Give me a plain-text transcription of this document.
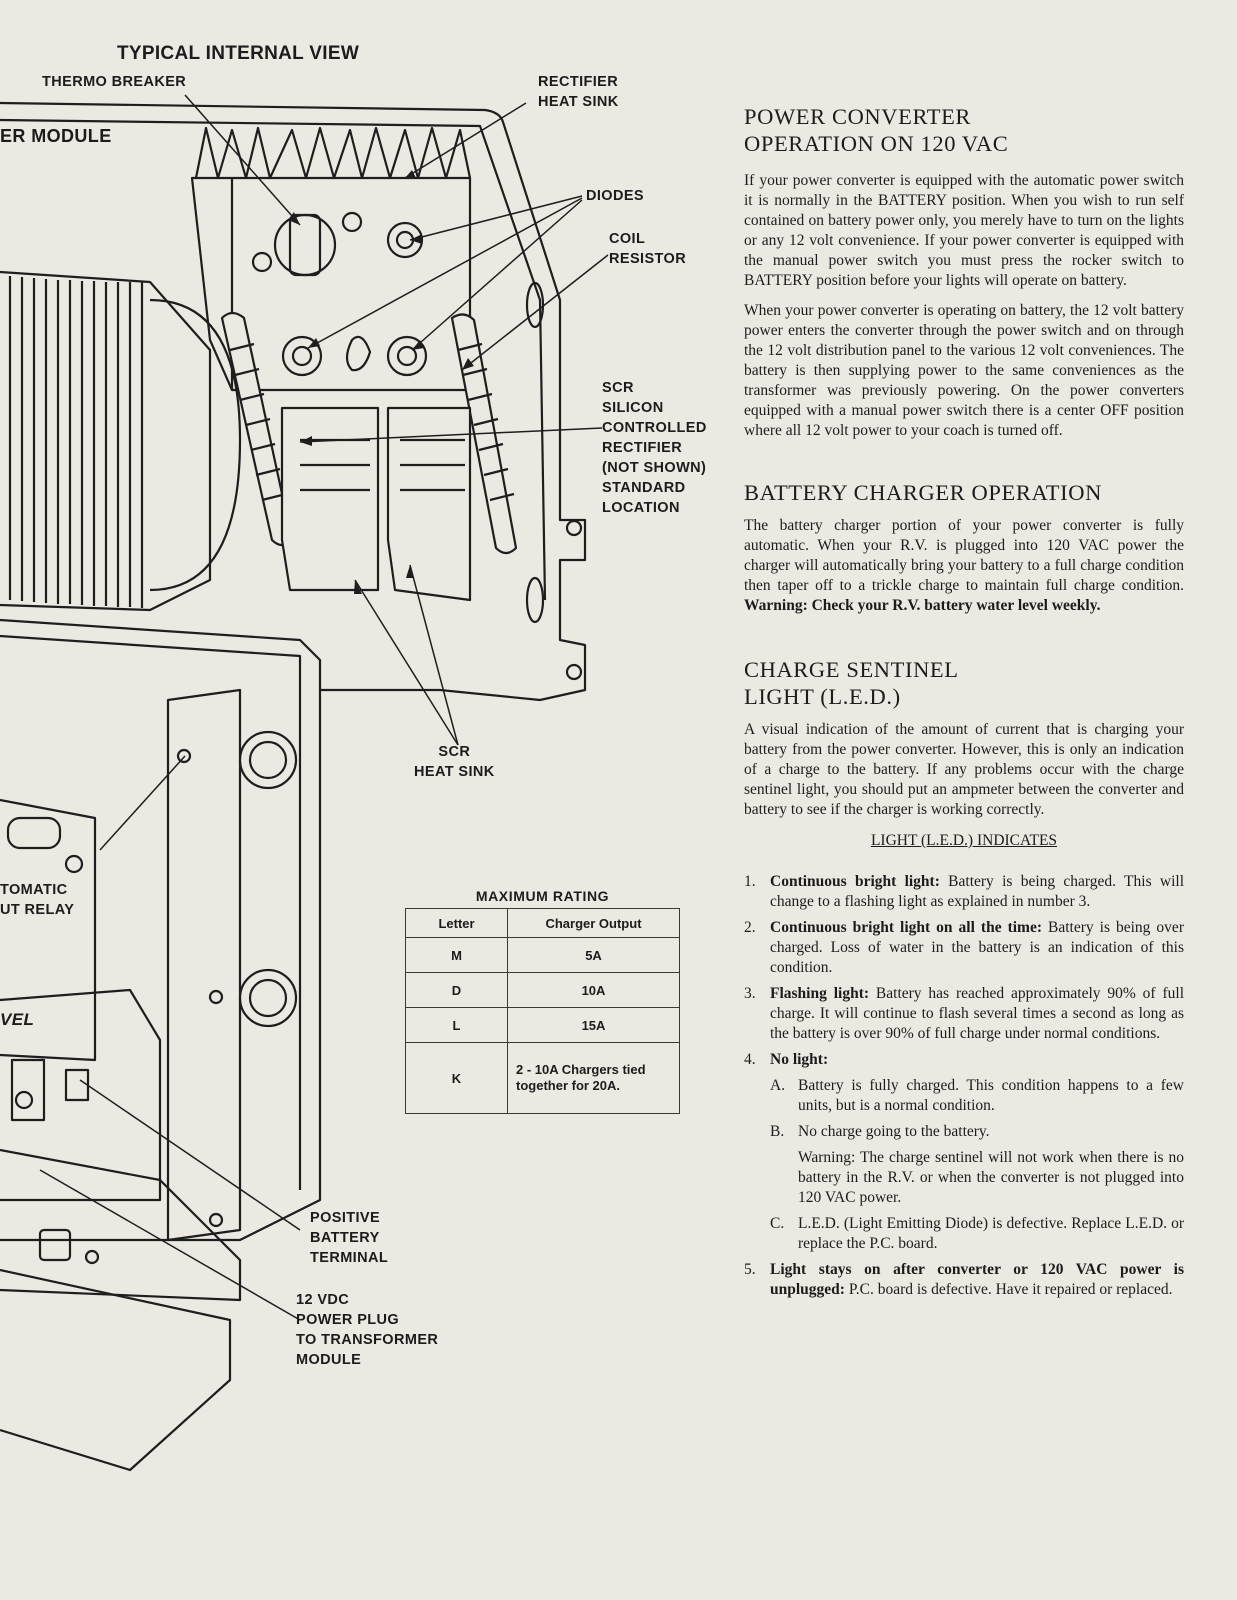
TYPICAL INTERNAL VIEW
THERMO BREAKER	RECTIFIER
HEAT SINK
ER MODULE
DIODES
COIL
RESISTOR
SCR
SILICON
CONTROLLED
RECTIFIER
(NOT SHOWN)
STANDARD
LOCATION
SCR
HEAT SINK
TOMATIC
UT RELAY
VEL
POSITIVE
BATTERY
TERMINAL
12 VDC
POWER PLUG
TO TRANSFORMER
MODULE
MAXIMUM RATING
Letter	Charger Output
M	5A
D	10A
L	15A
K	2 - 10A Chargers tied together for 20A.
POWER CONVERTER
OPERATION ON 120 VAC

If your power converter is equipped with the automatic power switch it is normally in the BATTERY position. When you wish to run self contained on battery power only, you merely have to turn on the lights or any 12 volt convenience. If your power converter is equipped with the manual power switch you must press the rocker switch to BATTERY position before your lights will operate on battery.

When your power converter is operating on battery, the 12 volt battery power enters the converter through the power switch and on through the 12 volt distribution panel to the various 12 volt conveniences. The battery is then supplying power to the same conveniences as the transformer was previously powering. On the power converters equipped with a manual power switch there is a center OFF position where all 12 volt power to your coach is turned off.

BATTERY CHARGER OPERATION

The battery charger portion of your power converter is fully automatic. When your R.V. is plugged into 120 VAC power the charger will automatically bring your battery to a full charge condition then taper off to a trickle charge to maintain full charge condition. Warning: Check your R.V. battery water level weekly.

CHARGE SENTINEL
LIGHT (L.E.D.)

A visual indication of the amount of current that is charging your battery from the power converter. However, this is only an indication of a charge to the battery. If any problems occur with the charge sentinel light, you should put an ampmeter between the converter and battery to see if the charger is working correctly.

LIGHT (L.E.D.) INDICATES

1. Continuous bright light: Battery is being charged. This will change to a flashing light as explained in number 3.
2. Continuous bright light on all the time: Battery is being over charged. Loss of water in the battery is an indication of this condition.
3. Flashing light: Battery has reached approximately 90% of full charge. It will continue to flash several times a second as long as the battery is over 90% of full charge under normal conditions.
4. No light:
A. Battery is fully charged. This condition happens to a few units, but is a normal condition.
B. No charge going to the battery.
Warning: The charge sentinel will not work when there is no battery in the R.V. or when the converter is not plugged into 120 VAC power.
C. L.E.D. (Light Emitting Diode) is defective. Replace L.E.D. or replace the P.C. board.
5. Light stays on after converter or 120 VAC power is unplugged: P.C. board is defective. Have it repaired or replaced.
